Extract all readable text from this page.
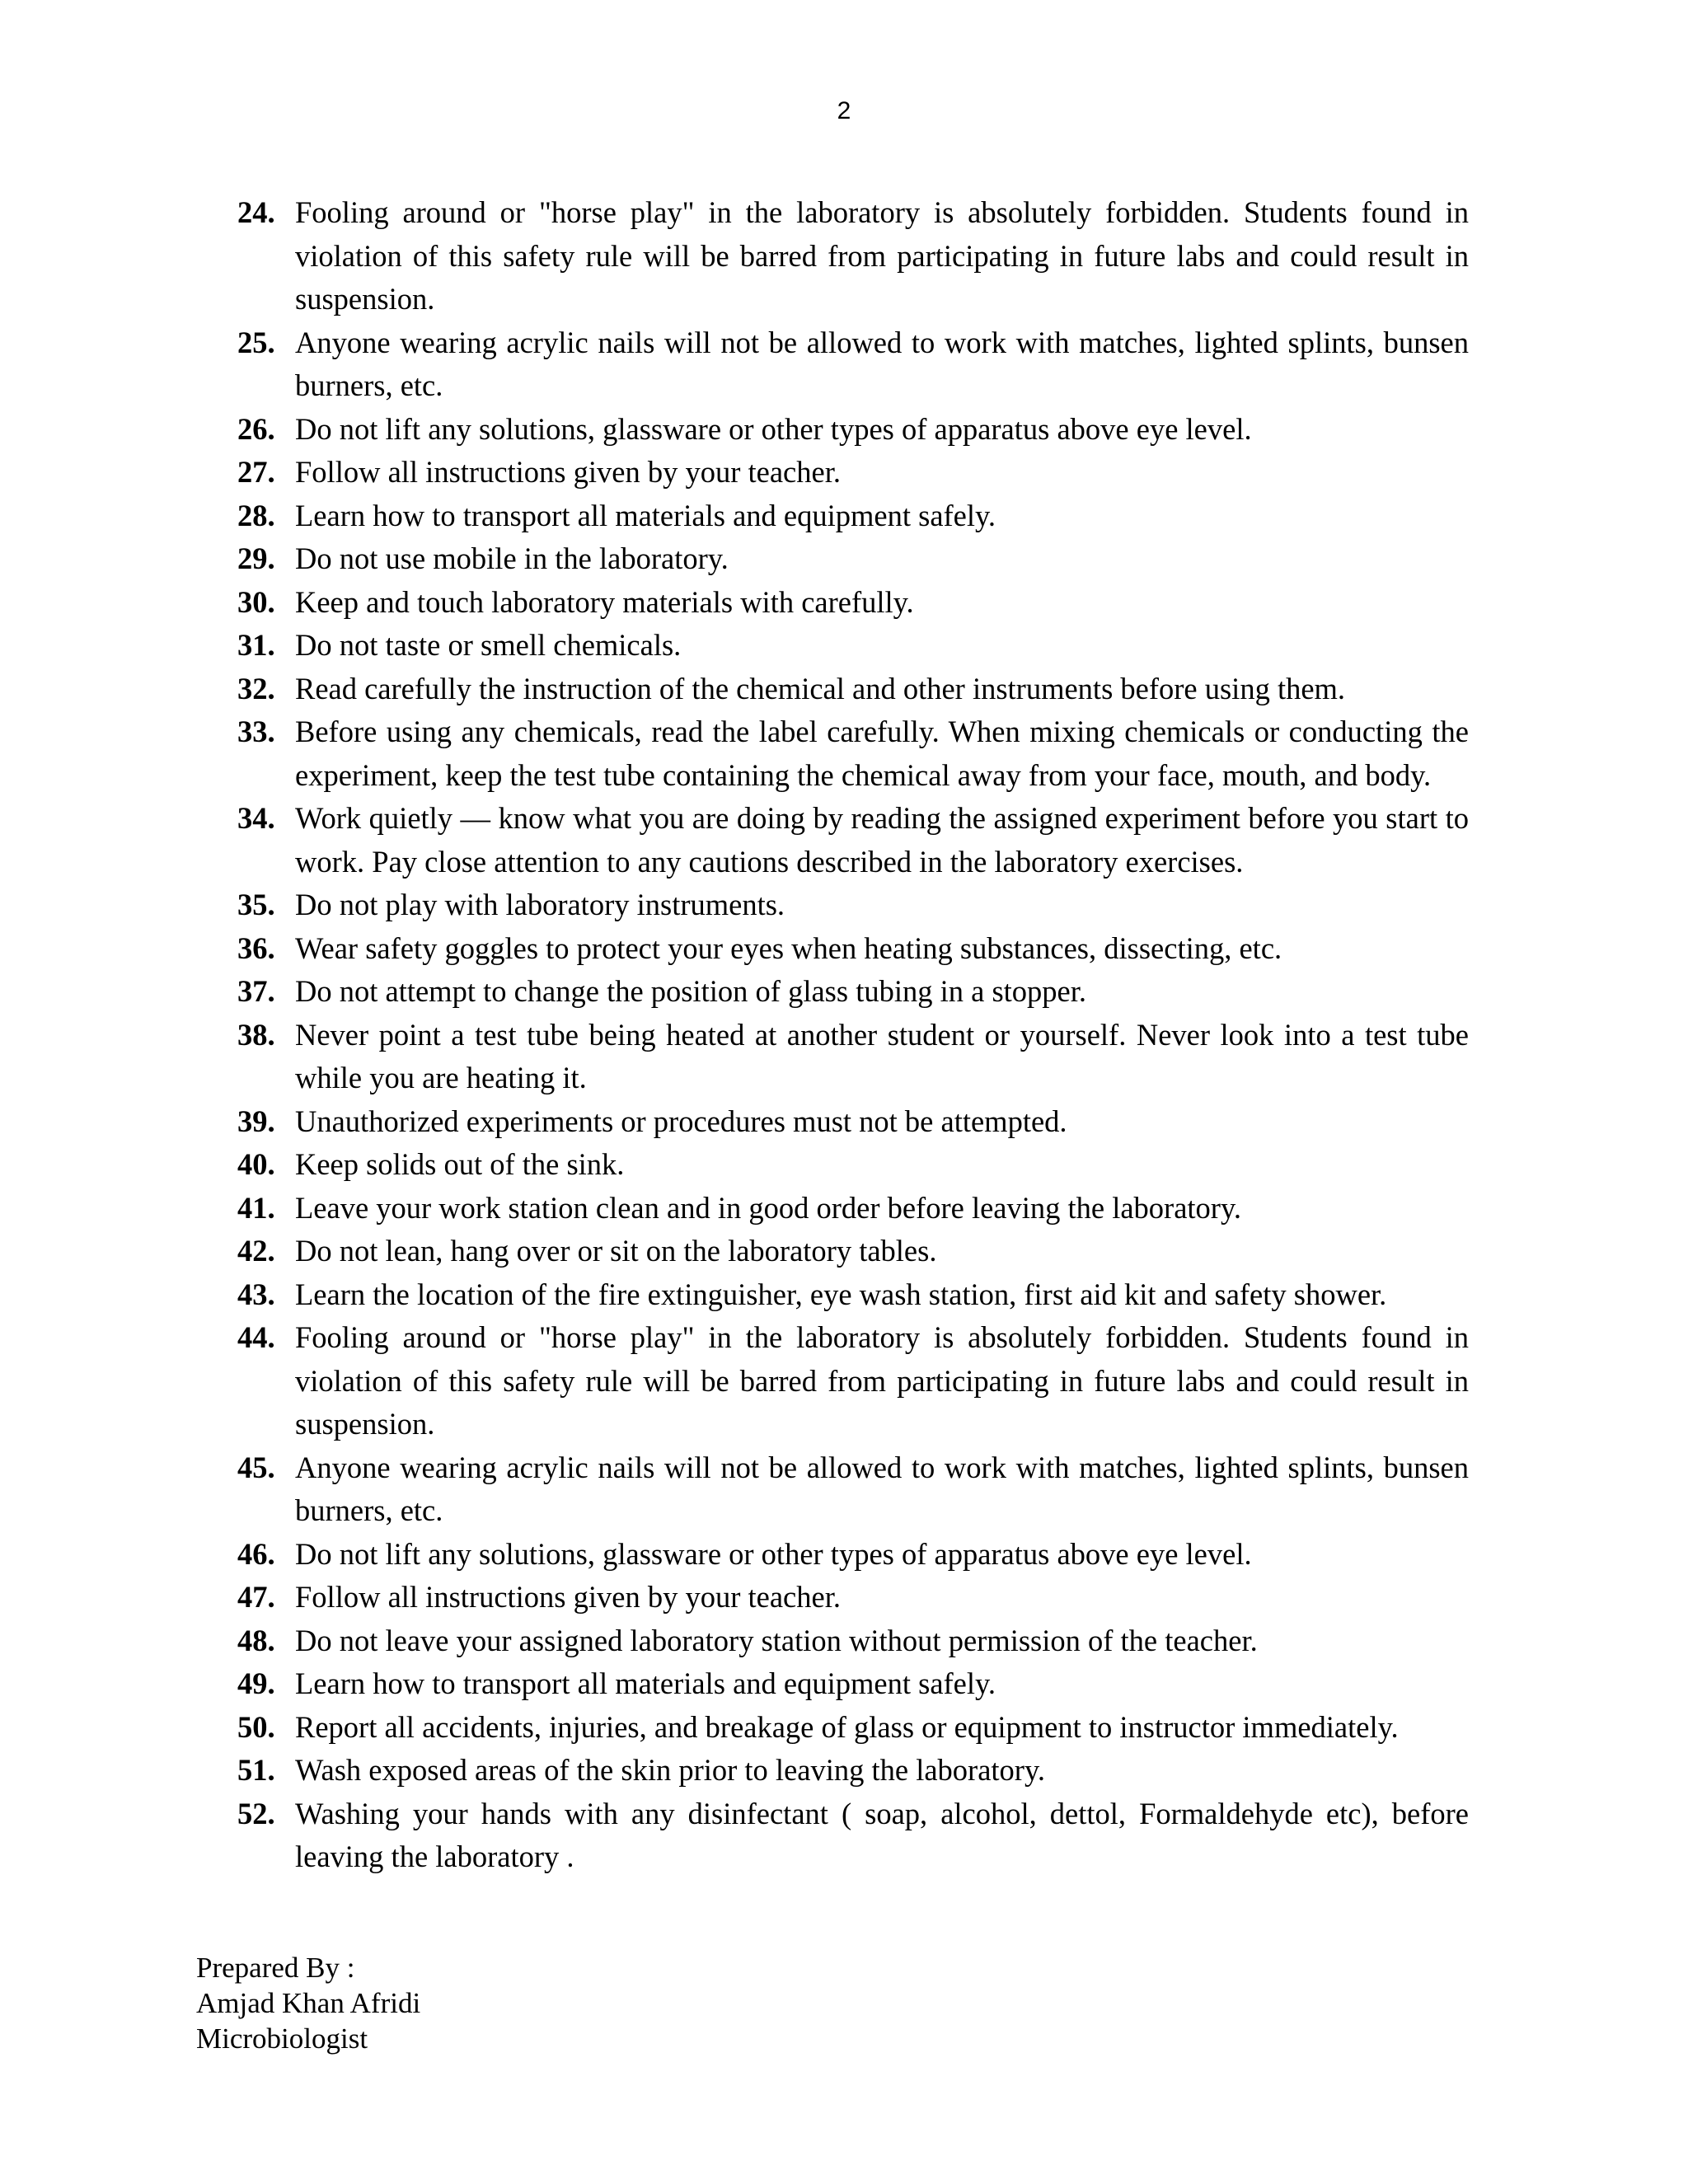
2
24. Fooling around or "horse play" in the laboratory is absolutely forbidden. Students found in violation of this safety rule will be barred from participating in future labs and could result in suspension.
25. Anyone wearing acrylic nails will not be allowed to work with matches, lighted splints, bunsen burners, etc.
26. Do not lift any solutions, glassware or other types of apparatus above eye level.
27. Follow all instructions given by your teacher.
28. Learn how to transport all materials and equipment safely.
29. Do not use mobile in the laboratory.
30. Keep and touch laboratory materials with carefully.
31. Do not taste or smell chemicals.
32. Read carefully the instruction of the chemical and other instruments before using them.
33. Before using any chemicals, read the label carefully. When mixing chemicals or conducting the experiment, keep the test tube containing the chemical away from your face, mouth, and body.
34. Work quietly — know what you are doing by reading the assigned experiment before you start to work. Pay close attention to any cautions described in the laboratory exercises.
35. Do not play with laboratory instruments.
36. Wear safety goggles to protect your eyes when heating substances, dissecting, etc.
37. Do not attempt to change the position of glass tubing in a stopper.
38. Never point a test tube being heated at another student or yourself. Never look into a test tube while you are heating it.
39. Unauthorized experiments or procedures must not be attempted.
40. Keep solids out of the sink.
41. Leave your work station clean and in good order before leaving the laboratory.
42. Do not lean, hang over or sit on the laboratory tables.
43. Learn the location of the fire extinguisher, eye wash station, first aid kit and safety shower.
44. Fooling around or "horse play" in the laboratory is absolutely forbidden. Students found in violation of this safety rule will be barred from participating in future labs and could result in suspension.
45. Anyone wearing acrylic nails will not be allowed to work with matches, lighted splints, bunsen burners, etc.
46. Do not lift any solutions, glassware or other types of apparatus above eye level.
47. Follow all instructions given by your teacher.
48. Do not leave your assigned laboratory station without permission of the teacher.
49. Learn how to transport all materials and equipment safely.
50. Report all accidents, injuries, and breakage of glass or equipment to instructor immediately.
51. Wash exposed areas of the skin prior to leaving the laboratory.
52. Washing your hands with any disinfectant ( soap, alcohol, dettol, Formaldehyde etc), before leaving the laboratory .
Prepared By :
Amjad Khan Afridi
Microbiologist
